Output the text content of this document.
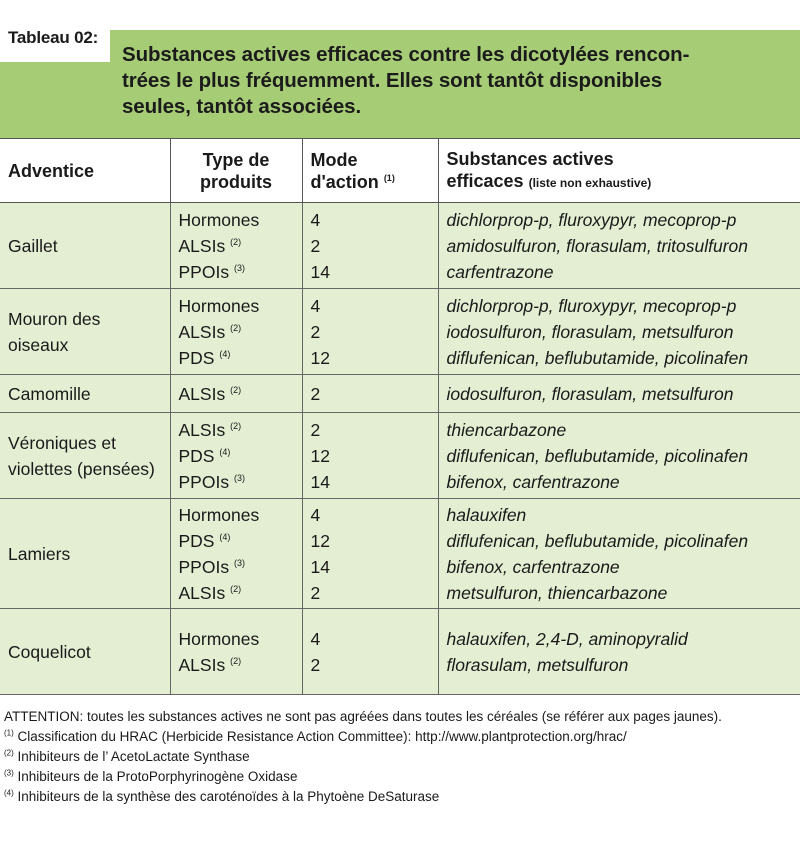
Substances actives efficaces contre les dicotylées rencon-
trées le plus fréquemment. Elles sont tantôt disponibles
seules, tantôt associées.
Tableau 02:
Adventice	Type de
produits	Mode
d'action $^{(1)}$	Substances actives
efficaces (liste non exhaustive)

Gaillet	Hormones
ALSIs $^{(2)}$
PPOIs $^{(3)}$	4
2
14	dichlorprop-p, fluroxypyr, mecoprop-p
amidosulfuron, florasulam, tritosulfuron
carfentrazone

Mouron des
oiseaux	Hormones
ALSIs $^{(2)}$
PDS $^{(4)}$	4
2
12	dichlorprop-p, fluroxypyr, mecoprop-p
iodosulfuron, florasulam, metsulfuron
diflufenican, beflubutamide, picolinafen

Camomille	ALSIs $^{(2)}$	2	iodosulfuron, florasulam, metsulfuron

Véroniques et
violettes (pensées)	ALSIs $^{(2)}$
PDS $^{(4)}$
PPOIs $^{(3)}$	2
12
14	thiencarbazone
diflufenican, beflubutamide, picolinafen
bifenox, carfentrazone

Lamiers	Hormones
PDS $^{(4)}$
PPOIs $^{(3)}$
ALSIs $^{(2)}$	4
12
14
2	halauxifen
diflufenican, beflubutamide, picolinafen
bifenox, carfentrazone
metsulfuron, thiencarbazone

Coquelicot	Hormones
ALSIs $^{(2)}$	4
2	halauxifen, 2,4-D, aminopyralid
florasulam, metsulfuron
ATTENTION: toutes les substances actives ne sont pas agréées dans toutes les céréales (se référer aux pages jaunes).
$^{(1)}$ Classification du HRAC (Herbicide Resistance Action Committee): http://www.plantprotection.org/hrac/
$^{(2)}$ Inhibiteurs de l’ AcetoLactate Synthase
$^{(3)}$ Inhibiteurs de la ProtoPorphyrinogène Oxidase
$^{(4)}$ Inhibiteurs de la synthèse des caroténoïdes à la Phytoène DeSaturase
